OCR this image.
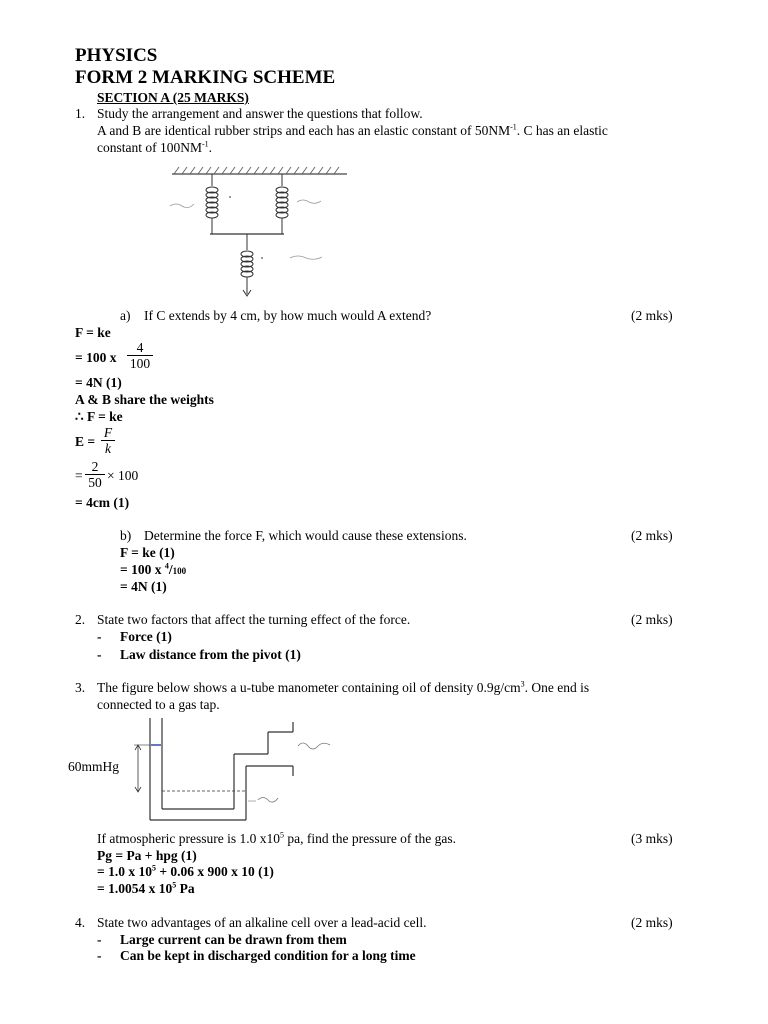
PHYSICS
FORM 2 MARKING SCHEME
SECTION A (25 MARKS)
1. Study the arrangement and answer the questions that follow.
A and B are identical rubber strips and each has an elastic constant of $50NM^{-1}$. C has an elastic
constant of $100NM^{-1}$.
a) If C extends by 4 cm, by how much would A extend?	(2 mks)
F = ke
= 100 x
4
100
= 4N (1)
A & B share the weights
∴ F = ke
E =
F
k
=
2
50 × 100
= 4cm (1)
b) Determine the force F, which would cause these extensions.	(2 mks)
F = ke (1)
= 100 x $^4$/100
= 4N (1)
2. State two factors that affect the turning effect of the force.	(2 mks)
- Force (1)
- Law distance from the pivot (1)
3. The figure below shows a u-tube manometer containing oil of density $0.9g/cm^3$. One end is
connected to a gas tap.
60mmHg
If atmospheric pressure is 1.0 $x10^5$ pa, find the pressure of the gas.	(3 mks)
Pg = Pa + hpg (1)
= 1.0 x $10^5 + 0.06$ x 900 x 10 (1)
= 1.0054 x $10^5$ Pa
4. State two advantages of an alkaline cell over a lead-acid cell.	(2 mks)
- Large current can be drawn from them
- Can be kept in discharged condition for a long time
